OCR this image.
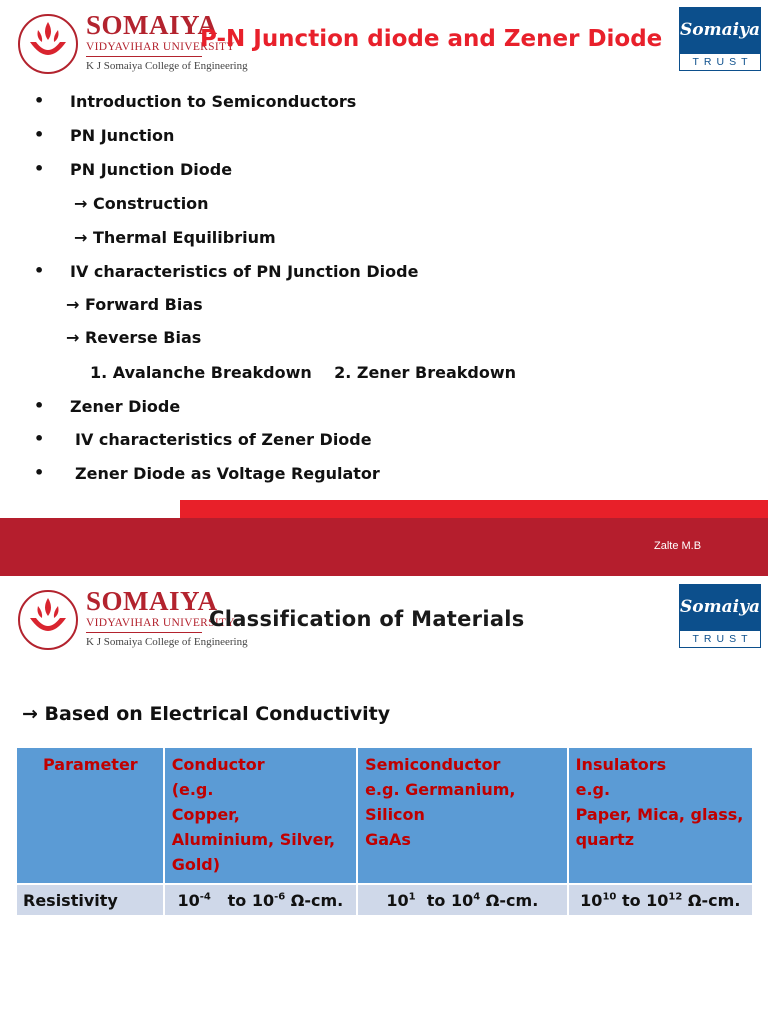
SOMAIYA
VIDYAVIHAR UNIVERSITY
K J Somaiya College of Engineering
P-N Junction diode and Zener Diode Somaiya
TRUST
• Introduction to Semiconductors
• PN Junction
• PN Junction Diode
→ Construction
→ Thermal Equilibrium
• IV characteristics of PN Junction Diode
→ Forward Bias
→ Reverse Bias
1. Avalanche Breakdown    2. Zener Breakdown
• Zener Diode
• IV characteristics of Zener Diode
• Zener Diode as Voltage Regulator
Zalte M.B
SOMAIYA
VIDYAVIHAR UNIVERSITY
K J Somaiya College of Engineering
Classification of Materials	Somaiya
TRUST
→ Based on Electrical Conductivity
Parameter	Conductor
(e.g.
Copper,
Aluminium, Silver,
Gold)	Semiconductor
e.g. Germanium,
Silicon
GaAs	Insulators
e.g.
Paper, Mica, glass,
quartz
Resistivity	$10^{-4}$ to $10^{-6}$ Ω-cm.	$10^1$ to $10^4$ Ω-cm.	$10^{10}$ to $10^{12}$ Ω-cm.
